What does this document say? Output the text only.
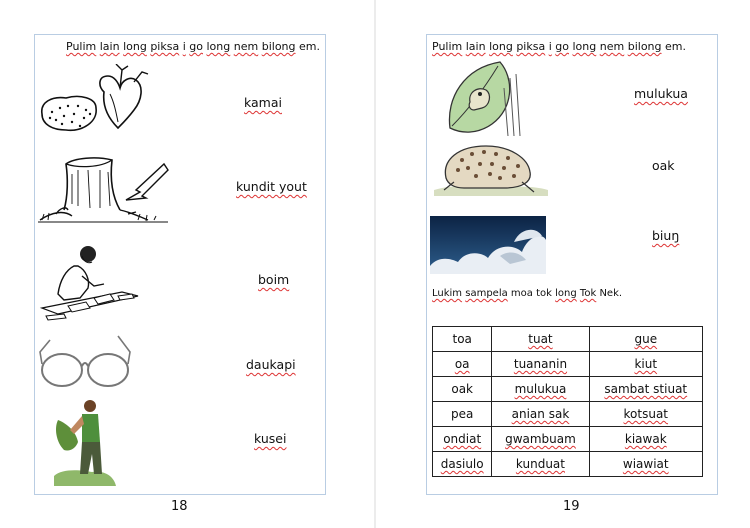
Pulim lain long piksa i go long nem bilong em.
kamai
kundit yout
boim
daukapi
kusei
18
Pulim lain long piksa i go long nem bilong em.
mulukua
oak
biuŋ
Lukim sampela moa tok long Tok Nek.
toa	tuat	gue
oa	tuananin	kiut
oak	mulukua	sambat stiuat
pea	anian sak	kotsuat
ondiat	gwambuam	kiawak
dasiulo	kunduat	wiawiat
19
